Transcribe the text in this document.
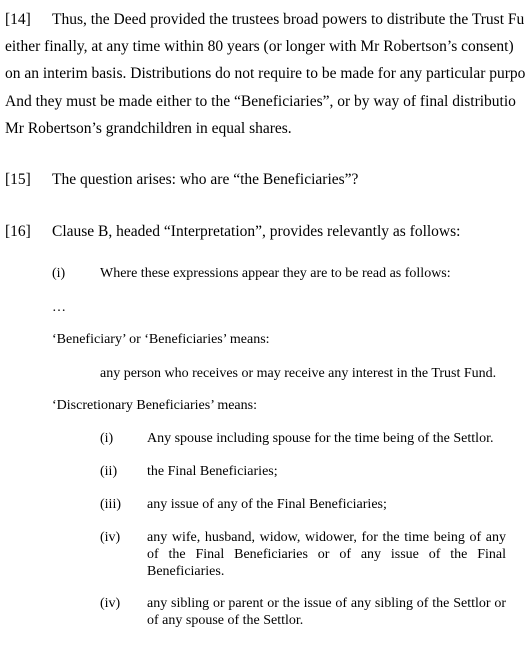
[14] Thus, the Deed provided the trustees broad powers to distribute the Trust Fu
either finally, at any time within 80 years (or longer with Mr Robertson’s consent)
on an interim basis. Distributions do not require to be made for any particular purpo
And they must be made either to the “Beneficiaries”, or by way of final distributio
Mr Robertson’s grandchildren in equal shares.
[15] The question arises: who are “the Beneficiaries”?
[16] Clause B, headed “Interpretation”, provides relevantly as follows:
(i) Where these expressions appear they are to be read as follows:
…
‘Beneficiary’ or ‘Beneficiaries’ means:
any person who receives or may receive any interest in the Trust Fund.
‘Discretionary Beneficiaries’ means:
(i) Any spouse including spouse for the time being of the Settlor.
(ii) the Final Beneficiaries;
(iii) any issue of any of the Final Beneficiaries;
(iv) any wife, husband, widow, widower, for the time being of any of the Final Beneficiaries or of any issue of the Final Beneficiaries.
(iv) any sibling or parent or the issue of any sibling of the Settlor or of any spouse of the Settlor.
